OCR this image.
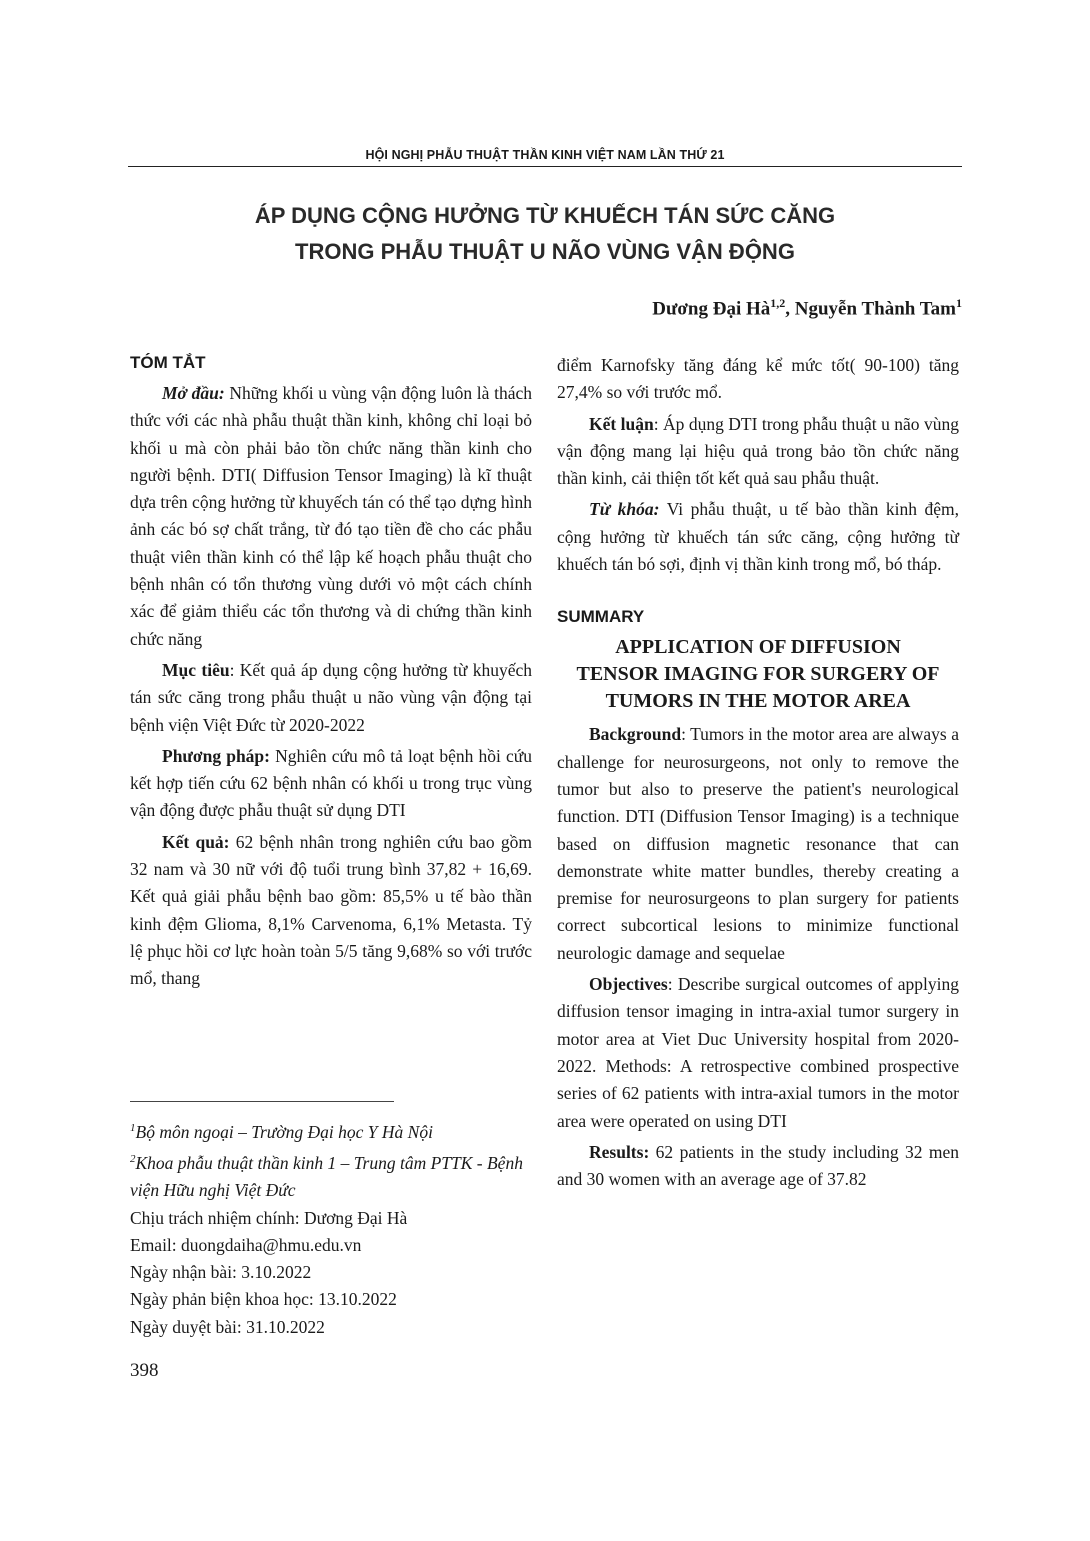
HỘI NGHỊ PHẪU THUẬT THẦN KINH VIỆT NAM LẦN THỨ 21
ÁP DỤNG CỘNG HƯỞNG TỪ KHUẾCH TÁN SỨC CĂNG
TRONG PHẪU THUẬT U NÃO VÙNG VẬN ĐỘNG
Dương Đại Hà$^{1,2}$, Nguyễn Thành Tam$^1$
TÓM TẮT

Mở đầu: Những khối u vùng vận động luôn là thách thức với các nhà phẫu thuật thần kinh, không chỉ loại bỏ khối u mà còn phải bảo tồn chức năng thần kinh cho người bệnh. DTI( Diffusion Tensor Imaging) là kĩ thuật dựa trên cộng hưởng từ khuyếch tán có thể tạo dựng hình ảnh các bó sợ chất trắng, từ đó tạo tiền đề cho các phẫu thuật viên thần kinh có thể lập kế hoạch phẫu thuật cho bệnh nhân có tổn thương vùng dưới vỏ một cách chính xác để giảm thiểu các tổn thương và di chứng thần kinh chức năng

Mục tiêu: Kết quả áp dụng cộng hưởng từ khuyếch tán sức căng trong phẫu thuật u não vùng vận động tại bệnh viện Việt Đức từ 2020-2022

Phương pháp: Nghiên cứu mô tả loạt bệnh hồi cứu kết hợp tiến cứu 62 bệnh nhân có khối u trong trục vùng vận động được phẫu thuật sử dụng DTI

Kết quả: 62 bệnh nhân trong nghiên cứu bao gồm 32 nam và 30 nữ với độ tuổi trung bình 37,82 + 16,69. Kết quả giải phẫu bệnh bao gồm: 85,5% u tế bào thần kinh đệm Glioma, 8,1% Carvenoma, 6,1% Metasta. Tỷ lệ phục hồi cơ lực hoàn toàn 5/5 tăng 9,68% so với trước mổ, thang

$^1$Bộ môn ngoại – Trường Đại học Y Hà Nội
$^2$Khoa phẫu thuật thần kinh 1 – Trung tâm PTTK - Bệnh viện Hữu nghị Việt Đức
Chịu trách nhiệm chính: Dương Đại Hà
Email: duongdaiha@hmu.edu.vn
Ngày nhận bài: 3.10.2022
Ngày phản biện khoa học: 13.10.2022
Ngày duyệt bài: 31.10.2022

điểm Karnofsky tăng đáng kể mức tốt( 90-100) tăng 27,4% so với trước mổ.

Kết luận: Áp dụng DTI trong phẫu thuật u não vùng vận động mang lại hiệu quả trong bảo tồn chức năng thần kinh, cải thiện tốt kết quả sau phẫu thuật.

Từ khóa: Vi phẫu thuật, u tế bào thần kinh đệm, cộng hưởng từ khuếch tán sức căng, cộng hưởng từ khuếch tán bó sợi, định vị thần kinh trong mổ, bó tháp.

SUMMARY
APPLICATION OF DIFFUSION
TENSOR IMAGING FOR SURGERY OF
TUMORS IN THE MOTOR AREA

Background: Tumors in the motor area are always a challenge for neurosurgeons, not only to remove the tumor but also to preserve the patient's neurological function. DTI (Diffusion Tensor Imaging) is a technique based on diffusion magnetic resonance that can demonstrate white matter bundles, thereby creating a premise for neurosurgeons to plan surgery for patients correct subcortical lesions to minimize functional neurologic damage and sequelae

Objectives: Describe surgical outcomes of applying diffusion tensor imaging in intra-axial tumor surgery in motor area at Viet Duc University hospital from 2020-2022. Methods: A retrospective combined prospective series of 62 patients with intra-axial tumors in the motor area were operated on using DTI

Results: 62 patients in the study including 32 men and 30 women with an average age of 37.82

398
